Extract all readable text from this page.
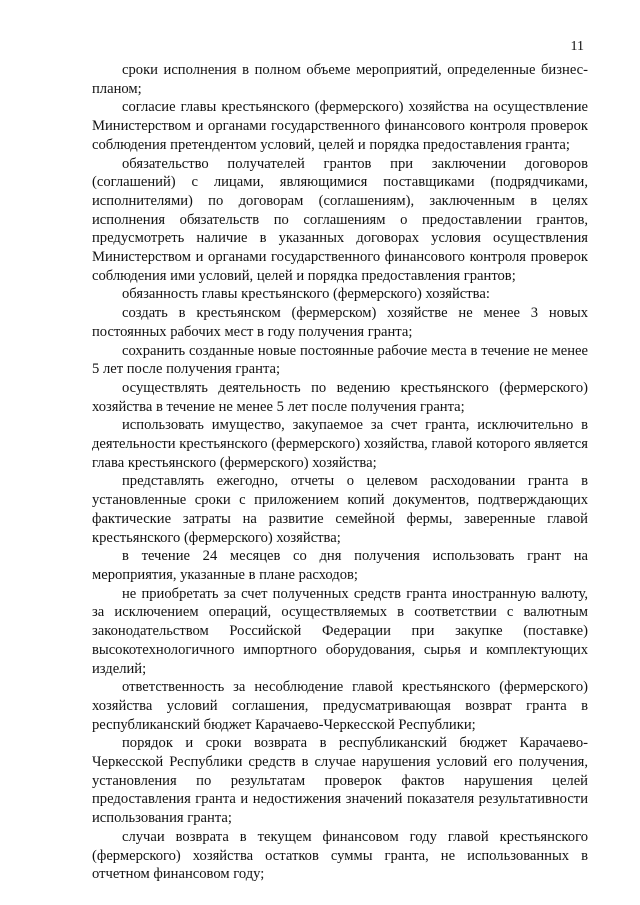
11

сроки исполнения в полном объеме мероприятий, определенные бизнес-планом;

согласие главы крестьянского (фермерского) хозяйства на осуществление Министерством и органами государственного финансового контроля проверок соблюдения претендентом условий, целей и порядка предоставления гранта;

обязательство получателей грантов при заключении договоров (соглашений) с лицами, являющимися поставщиками (подрядчиками, исполнителями) по договорам (соглашениям), заключенным в целях исполнения обязательств по соглашениям о предоставлении грантов, предусмотреть наличие в указанных договорах условия осуществления Министерством и органами государственного финансового контроля проверок соблюдения ими условий, целей и порядка предоставления грантов;

обязанность главы крестьянского (фермерского) хозяйства:

создать в крестьянском (фермерском) хозяйстве не менее 3 новых постоянных рабочих мест в году получения гранта;

сохранить созданные новые постоянные рабочие места в течение не менее 5 лет после получения гранта;

осуществлять деятельность по ведению крестьянского (фермерского) хозяйства в течение не менее 5 лет после получения гранта;

использовать имущество, закупаемое за счет гранта, исключительно в деятельности крестьянского (фермерского) хозяйства, главой которого является глава крестьянского (фермерского) хозяйства;

представлять ежегодно, отчеты о целевом расходовании гранта в установленные сроки с приложением копий документов, подтверждающих фактические затраты на развитие семейной фермы, заверенные главой крестьянского (фермерского) хозяйства;

в течение 24 месяцев со дня получения использовать грант на мероприятия, указанные в плане расходов;

не приобретать за счет полученных средств гранта иностранную валюту, за исключением операций, осуществляемых в соответствии с валютным законодательством Российской Федерации при закупке (поставке) высокотехнологичного импортного оборудования, сырья и комплектующих изделий;

ответственность за несоблюдение главой крестьянского (фермерского) хозяйства условий соглашения, предусматривающая возврат гранта в республиканский бюджет Карачаево-Черкесской Республики;

порядок и сроки возврата в республиканский бюджет Карачаево-Черкесской Республики средств в случае нарушения условий его получения, установления по результатам проверок фактов нарушения целей предоставления гранта и недостижения значений показателя результативности использования гранта;

случаи возврата в текущем финансовом году главой крестьянского (фермерского) хозяйства остатков суммы гранта, не использованных в отчетном финансовом году;
